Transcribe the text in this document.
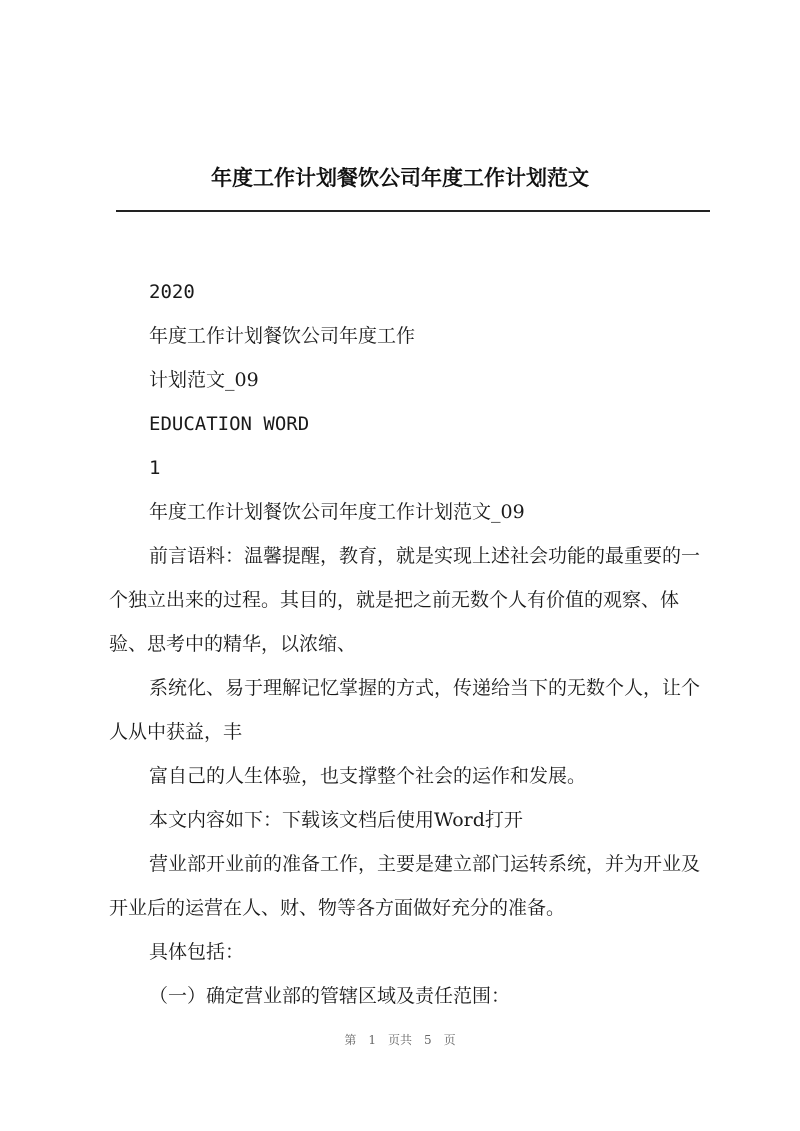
年度工作计划餐饮公司年度工作计划范文

2020

年度工作计划餐饮公司年度工作

计划范文_09

EDUCATION WORD

1

年度工作计划餐饮公司年度工作计划范文_09

前言语料：温馨提醒，教育，就是实现上述社会功能的最重要的一个独立出来的过程。其目的，就是把之前无数个人有价值的观察、体验、思考中的精华，以浓缩、

系统化、易于理解记忆掌握的方式，传递给当下的无数个人，让个人从中获益，丰

富自己的人生体验，也支撑整个社会的运作和发展。

本文内容如下：下载该文档后使用Word打开

营业部开业前的准备工作，主要是建立部门运转系统，并为开业及开业后的运营在人、财、物等各方面做好充分的准备。

具体包括：

（一）确定营业部的管辖区域及责任范围：

第 1 页共 5 页
